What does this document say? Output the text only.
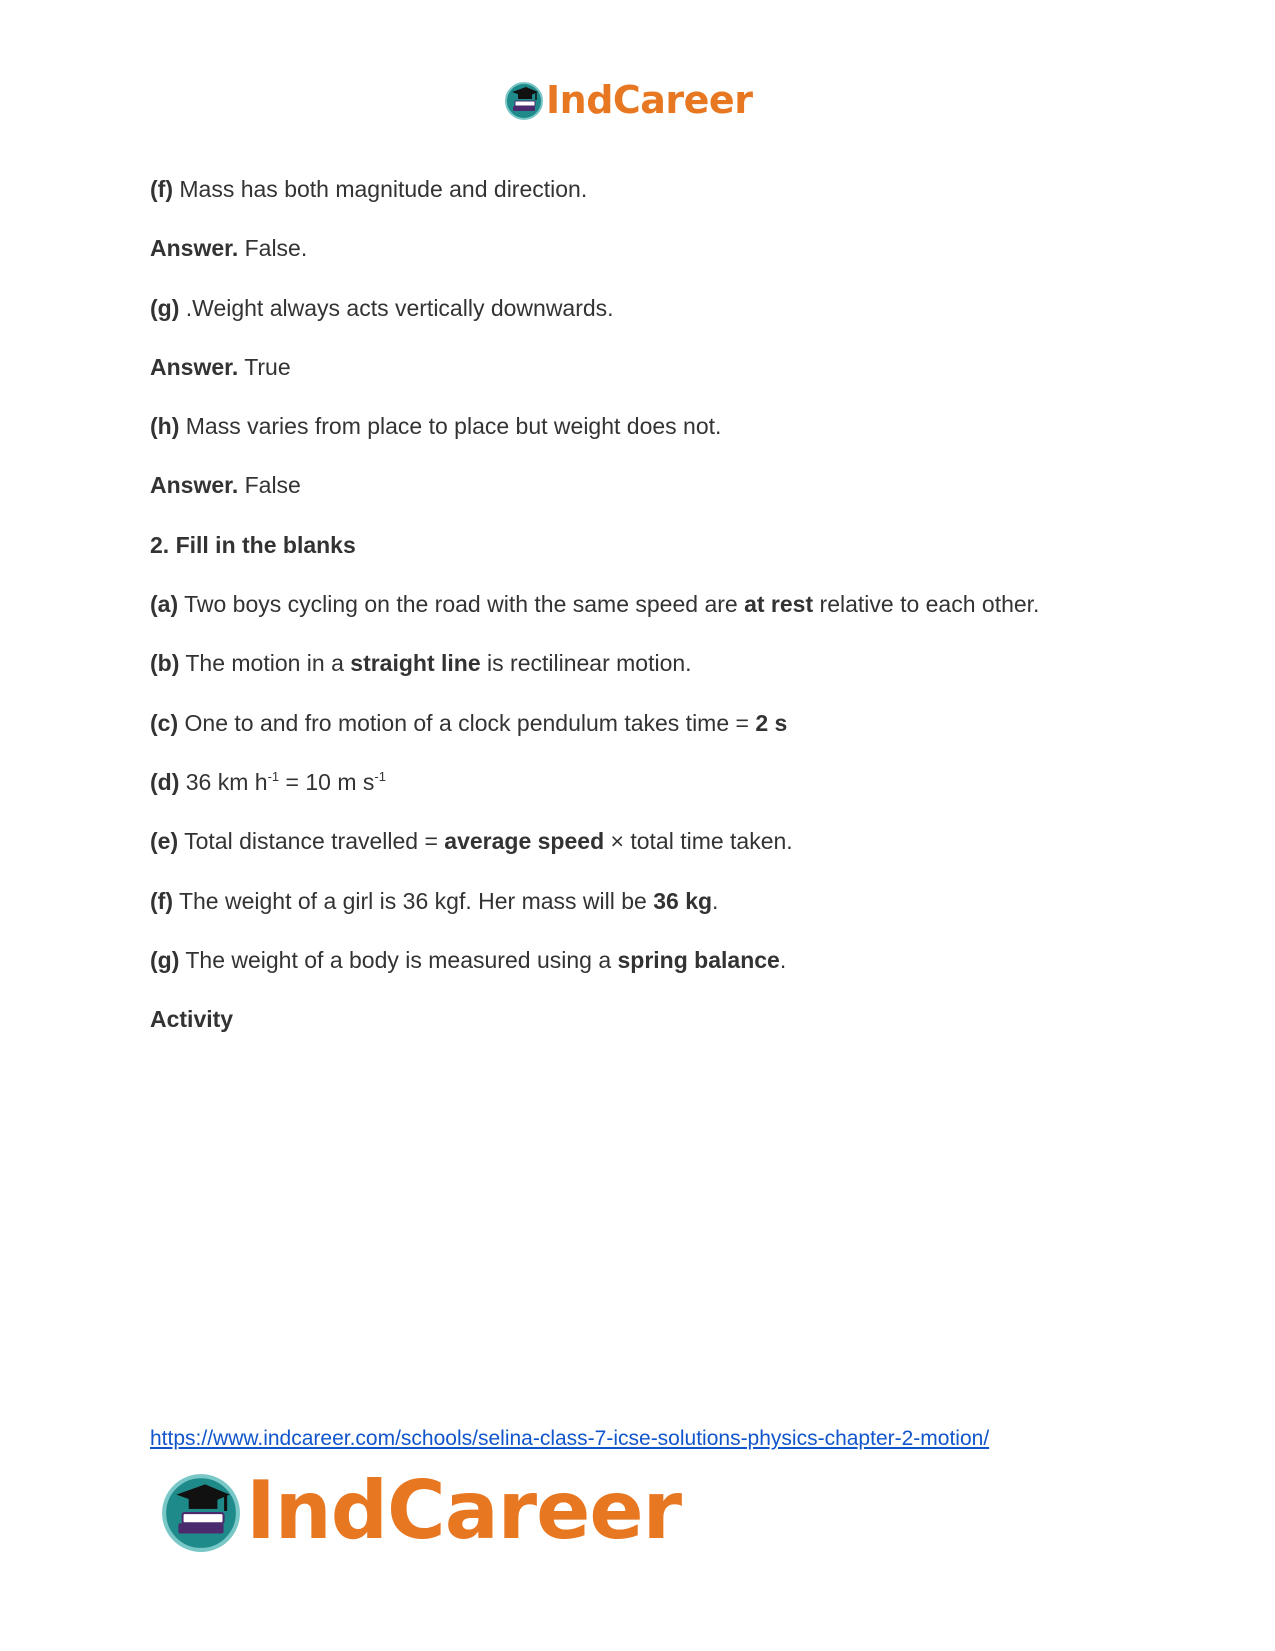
IndCareer
(f) Mass has both magnitude and direction.
Answer. False.
(g) .Weight always acts vertically downwards.
Answer. True
(h) Mass varies from place to place but weight does not.
Answer. False
2. Fill in the blanks
(a) Two boys cycling on the road with the same speed are at rest relative to each other.
(b) The motion in a straight line is rectilinear motion.
(c) One to and fro motion of a clock pendulum takes time = 2 s
(d) 36 km $h^{-1} = 10$ m $s^{-1}$
(e) Total distance travelled = average speed × total time taken.
(f) The weight of a girl is 36 kgf. Her mass will be 36 kg.
(g) The weight of a body is measured using a spring balance.
Activity
https://www.indcareer.com/schools/selina-class-7-icse-solutions-physics-chapter-2-motion/
IndCareer
